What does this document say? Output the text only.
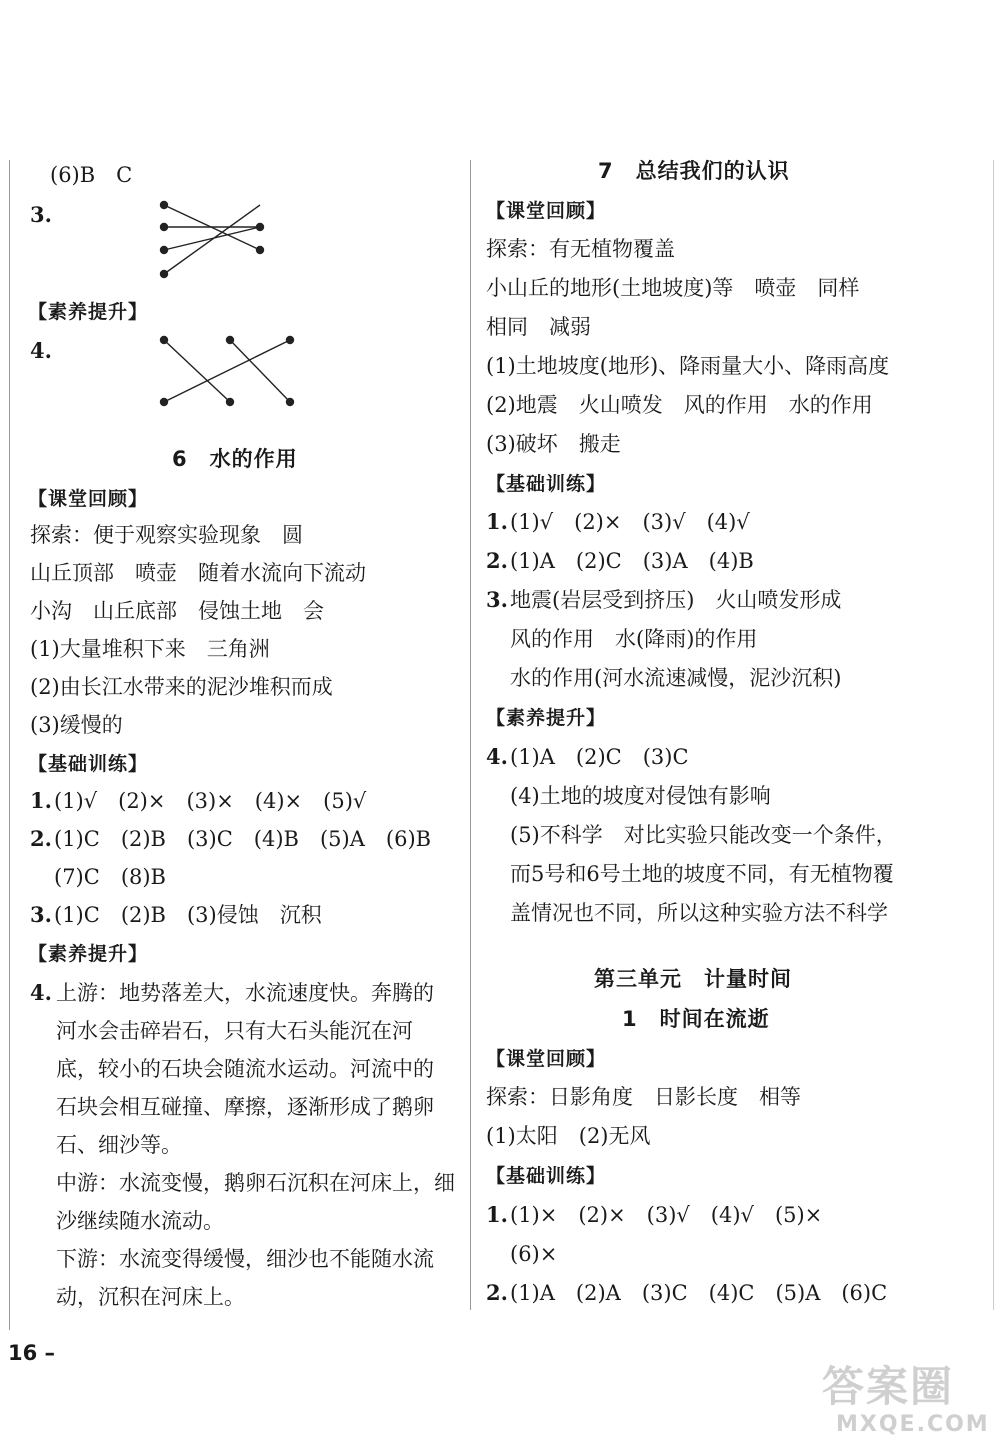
(6)B　C
3.
【素养提升】
4.
6　水的作用
【课堂回顾】
探索：便于观察实验现象　圆
山丘顶部　喷壶　随着水流向下流动
小沟　山丘底部　侵蚀土地　会
(1)大量堆积下来　三角洲
(2)由长江水带来的泥沙堆积而成
(3)缓慢的
【基础训练】
1. (1)√　(2)×　(3)×　(4)×　(5)√
2. (1)C　(2)B　(3)C　(4)B　(5)A　(6)B
(7)C　(8)B
3. (1)C　(2)B　(3)侵蚀　沉积
【素养提升】
4. 上游：地势落差大，水流速度快。奔腾的
河水会击碎岩石，只有大石头能沉在河
底，较小的石块会随流水运动。河流中的
石块会相互碰撞、摩擦，逐渐形成了鹅卵
石、细沙等。
中游：水流变慢，鹅卵石沉积在河床上，细
沙继续随水流动。
下游：水流变得缓慢，细沙也不能随水流
动，沉积在河床上。
16 –
7　总结我们的认识
【课堂回顾】
探索：有无植物覆盖
小山丘的地形(土地坡度)等　喷壶　同样
相同　减弱
(1)土地坡度(地形)、降雨量大小、降雨高度
(2)地震　火山喷发　风的作用　水的作用
(3)破坏　搬走
【基础训练】
1. (1)√　(2)×　(3)√　(4)√
2. (1)A　(2)C　(3)A　(4)B
3. 地震(岩层受到挤压)　火山喷发形成
风的作用　水(降雨)的作用
水的作用(河水流速减慢，泥沙沉积)
【素养提升】
4. (1)A　(2)C　(3)C
(4)土地的坡度对侵蚀有影响
(5)不科学　对比实验只能改变一个条件，
而5号和6号土地的坡度不同，有无植物覆
盖情况也不同，所以这种实验方法不科学
第三单元　计量时间
1　时间在流逝
【课堂回顾】
探索：日影角度　日影长度　相等
(1)太阳　(2)无风
【基础训练】
1. (1)×　(2)×　(3)√　(4)√　(5)×
(6)×
2. (1)A　(2)A　(3)C　(4)C　(5)A　(6)C
答案圈
MXQE.COM
